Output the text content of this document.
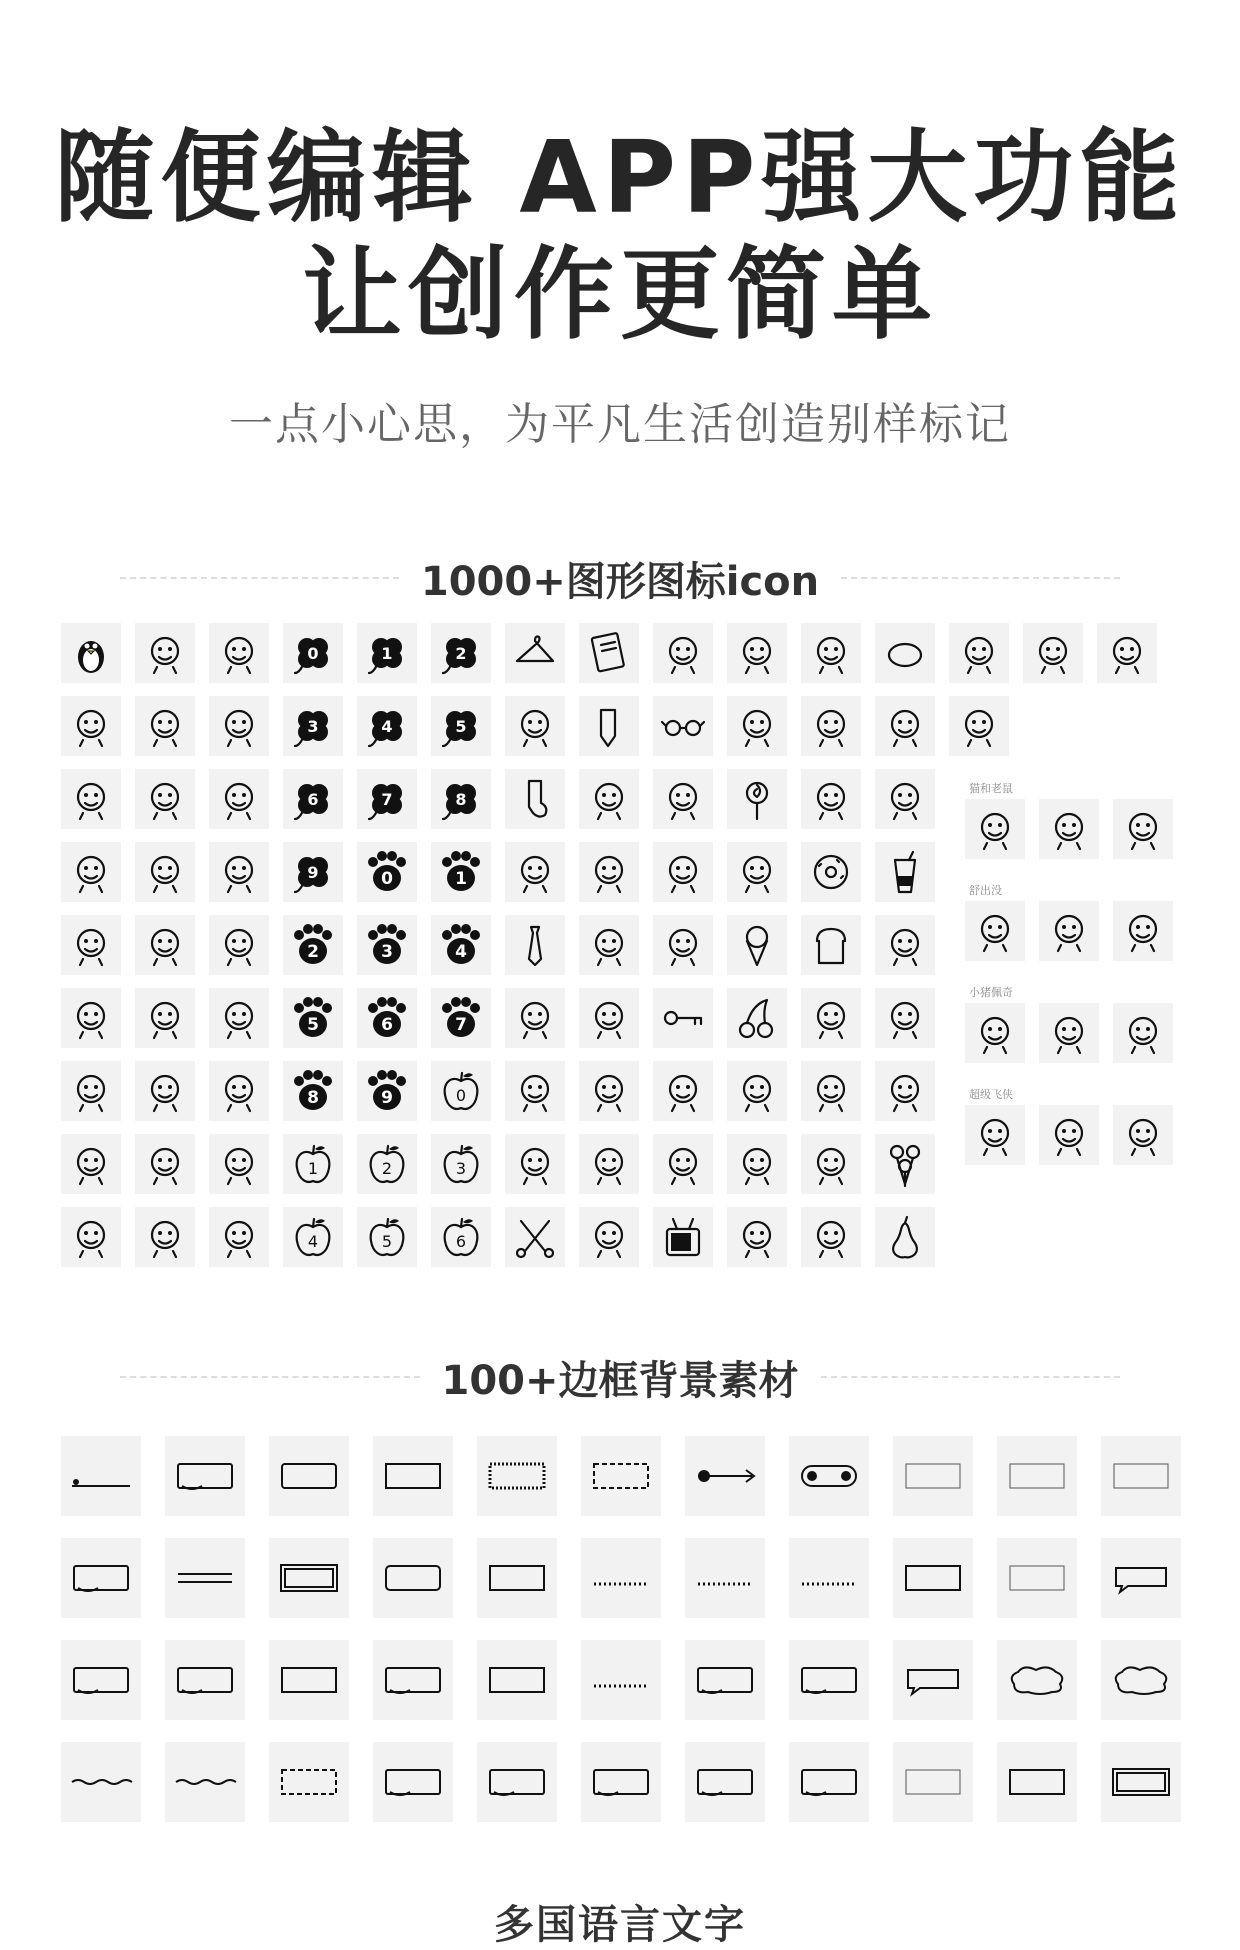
随便编辑 APP强大功能
让创作更简单
一点小心思，为平凡生活创造别样标记
1000+图形图标icon
0	1	2
3	4	5
6	7	8
9	0	1
2	3	4
5	6	7
8	9	0
1	2	3
4	5	6
猫和老鼠
舒出没
小猪佩奇
超级飞侠
100+边框背景素材
多国语言文字
